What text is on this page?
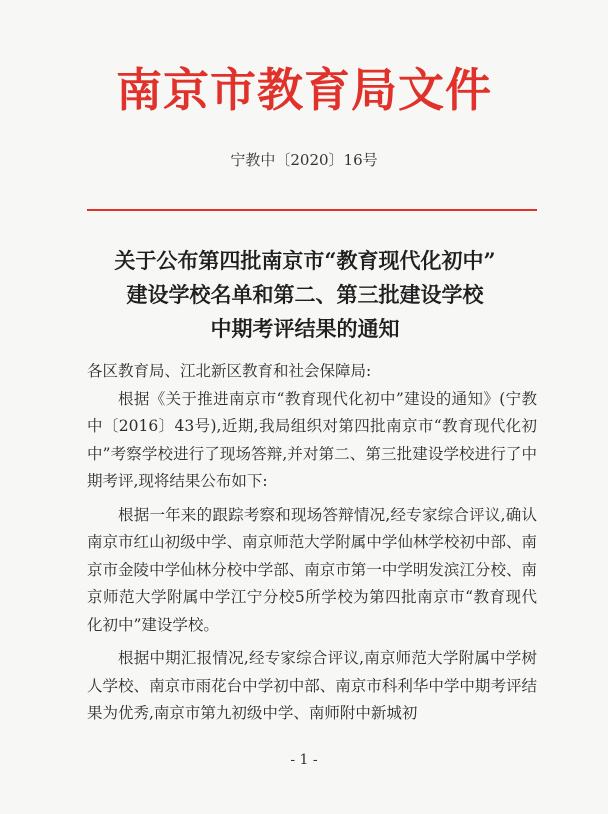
南京市教育局文件
宁教中〔2020〕16号
关于公布第四批南京市“教育现代化初中”
建设学校名单和第二、第三批建设学校
中期考评结果的通知

各区教育局、江北新区教育和社会保障局:

根据《关于推进南京市“教育现代化初中”建设的通知》(宁教中〔2016〕43号),近期,我局组织对第四批南京市“教育现代化初中”考察学校进行了现场答辩,并对第二、第三批建设学校进行了中期考评,现将结果公布如下:

根据一年来的跟踪考察和现场答辩情况,经专家综合评议,确认南京市红山初级中学、南京师范大学附属中学仙林学校初中部、南京市金陵中学仙林分校中学部、南京市第一中学明发滨江分校、南京师范大学附属中学江宁分校5所学校为第四批南京市“教育现代化初中”建设学校。

根据中期汇报情况,经专家综合评议,南京师范大学附属中学树人学校、南京市雨花台中学初中部、南京市科利华中学中期考评结果为优秀,南京市第九初级中学、南师附中新城初

- 1 -
